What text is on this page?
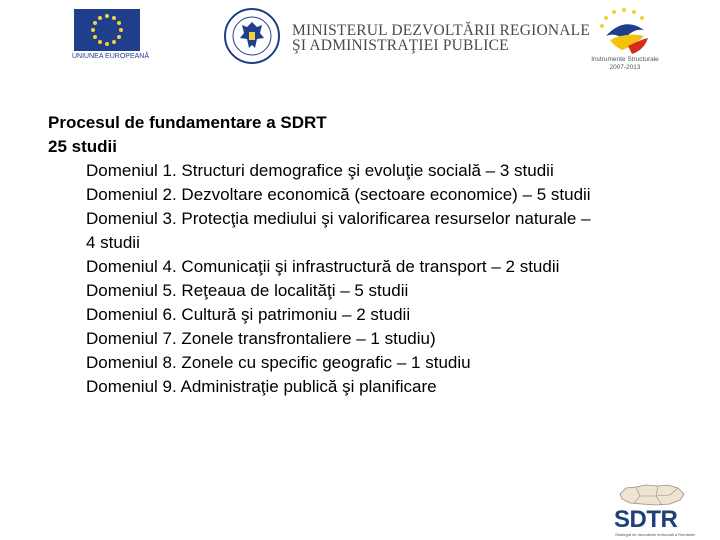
UNIUNEA EUROPEANĂ
MINISTERUL DEZVOLTĂRII REGIONALE
ŞI ADMINISTRAŢIEI PUBLICE
Instrumente Structurale
2007-2013
Procesul de fundamentare a SDRT
25 studii
Domeniul 1. Structuri demografice şi evoluţie socială – 3 studii
Domeniul 2. Dezvoltare economică (sectoare economice) – 5 studii
Domeniul 3. Protecţia mediului şi valorificarea resurselor naturale –
4 studii
Domeniul 4. Comunicaţii şi infrastructură de transport – 2 studii
Domeniul 5. Reţeaua de localităţi – 5 studii
Domeniul 6. Cultură şi patrimoniu – 2 studii
Domeniul 7. Zonele transfrontaliere – 1 studiu)
Domeniul 8. Zonele cu specific geografic – 1 studiu
Domeniul 9. Administraţie publică şi planificare
SDTR
Strategia de dezvoltare teritorială a României
